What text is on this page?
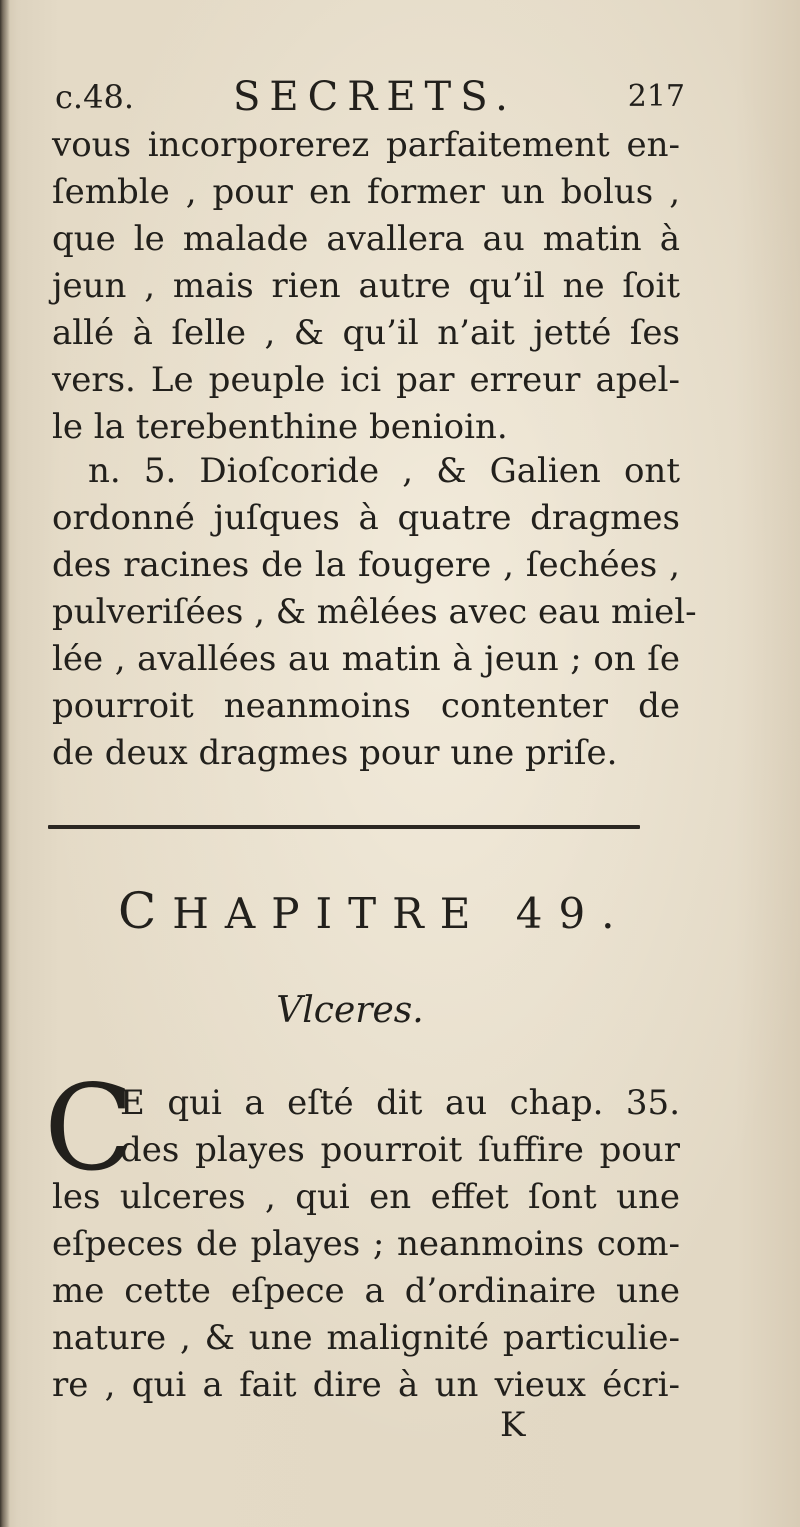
c.48. SECRETS.	217
vous incorporerez parfaitement en-
ſemble , pour en former un bolus ,
que le malade avallera au matin à
jeun , mais rien autre qu’il ne ſoit
allé à ſelle , & qu’il n’ait jetté ſes
vers. Le peuple ici par erreur apel-
le la terebenthine benioin.
n. 5. Dioſcoride , & Galien ont
ordonné juſques à quatre dragmes
des racines de la fougere , ſechées ,
pulveriſées , & mêlées avec eau miel-
lée , avallées au matin à jeun ; on ſe
pourroit neanmoins contenter de
de deux dragmes pour une priſe.
CHAPITRE 49.
Vlceres.
C
E qui a eſté dit au chap. 35.
des playes pourroit ſuffire pour
les ulceres , qui en effet ſont une
eſpeces de playes ; neanmoins com-
me cette eſpece a d’ordinaire une
nature , & une malignité particulie-
re , qui a fait dire à un vieux écri-
K
